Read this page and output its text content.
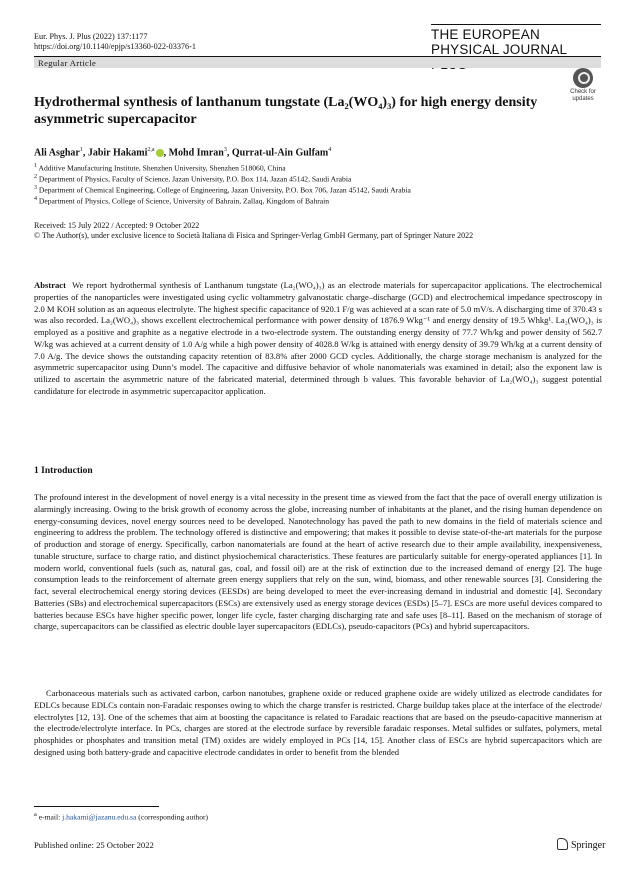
Eur. Phys. J. Plus (2022) 137:1177
https://doi.org/10.1140/epjp/s13360-022-03376-1
THE EUROPEAN
PHYSICAL JOURNAL
Regular Article
Check for
updates
Hydrothermal synthesis of lanthanum tungstate (La₂(WO₄)₃) for high energy density asymmetric supercapacitor
Ali Asghar$^1$, Jabir Hakami$^{2,a}$ , Mohd Imran$^3$, Qurrat-ul-Ain Gulfam$^4$
$^1$ Additive Manufacturing Institute, Shenzhen University, Shenzhen 518060, China
$^2$ Department of Physics, Faculty of Science, Jazan University, P.O. Box 114, Jazan 45142, Saudi Arabia
$^3$ Department of Chemical Engineering, College of Engineering, Jazan University, P.O. Box 706, Jazan 45142, Saudi Arabia
$^4$ Department of Physics, College of Science, University of Bahrain, Zallaq, Kingdom of Bahrain
Received: 15 July 2022 / Accepted: 9 October 2022
© The Author(s), under exclusive licence to Società Italiana di Fisica and Springer-Verlag GmbH Germany, part of Springer Nature 2022
Abstract We report hydrothermal synthesis of Lanthanum tungstate (La₂(WO₄)₃) as an electrode materials for supercapacitor applications. The electrochemical properties of the nanoparticles were investigated using cyclic voltammetry galvanostatic charge–discharge (GCD) and electrochemical impedance spectroscopy in 2.0 M KOH solution as an aqueous electrolyte. The highest specific capacitance of 920.1 F/g was achieved at a scan rate of 5.0 mV/s. A discharging time of 370.43 s was also recorded. La₂(WO₄)₃ shows excellent electrochemical performance with power density of 1876.9 Wkg⁻¹ and energy density of 19.5 Whkg¹. La₂(WO₄)₃ is employed as a positive and graphite as a negative electrode in a two-electrode system. The outstanding energy density of 77.7 Wh/kg and power density of 562.7 W/kg was achieved at a current density of 1.0 A/g while a high power density of 4028.8 W/kg is attained with energy density of 39.79 Wh/kg at a current density of 7.0 A/g. The device shows the outstanding capacity retention of 83.8% after 2000 GCD cycles. Additionally, the charge storage mechanism is analyzed for the asymmetric supercapacitor using Dunn’s model. The capacitive and diffusive behavior of whole nanomaterials was examined in detail; also the exponent law is utilized to ascertain the asymmetric nature of the fabricated material, determined through b values. This favorable behavior of La₂(WO₄)₃ suggest potential candidature for electrode in asymmetric supercapacitor application.
1 Introduction
The profound interest in the development of novel energy is a vital necessity in the present time as viewed from the fact that the pace of overall energy utilization is alarmingly increasing. Owing to the brisk growth of economy across the globe, increasing number of inhabitants at the planet, and the rising human dependence on energy-consuming devices, novel energy sources need to be developed. Nanotechnology has paved the path to new domains in the field of materials science and engineering to address the problem. The technology offered is distinctive and empowering; that makes it possible to devise state-of-the-art materials for the purpose of production and storage of energy. Specifically, carbon nanomaterials are found at the heart of active research due to their ample availability, inexpensiveness, tunable structure, surface to charge ratio, and distinct physiochemical characteristics. These features are particularly suitable for energy-operated appliances [1]. In modern world, conventional fuels (such as, natural gas, coal, and fossil oil) are at the risk of extinction due to the increased demand of energy [2]. The huge consumption leads to the reinforcement of alternate green energy suppliers that rely on the sun, wind, biomass, and other renewable sources [3]. Considering the fact, several electrochemical energy storing devices (EESDs) are being developed to meet the ever-increasing demand in industrial and domestic [4]. Secondary Batteries (SBs) and electrochemical supercapacitors (ESCs) are extensively used as energy storage devices (ESDs) [5–7]. ESCs are more useful devices compared to batteries because ESCs have higher specific power, longer life cycle, faster charging discharging rate and safe uses [8–11]. Based on the mechanism of storage of charge, supercapacitors can be classified as electric double layer supercapacitors (EDLCs), pseudo-capacitors (PCs) and hybrid supercapacitors.
Carbonaceous materials such as activated carbon, carbon nanotubes, graphene oxide or reduced graphene oxide are widely utilized as electrode candidates for EDLCs because EDLCs contain non-Faradaic responses owing to which the charge transfer is restricted. Charge buildup takes place at the interface of the electrode/ electrolytes [12, 13]. One of the schemes that aim at boosting the capacitance is related to Faradaic reactions that are based on the pseudo-capacitive mannerism at the electrode/electrolyte interface. In PCs, charges are stored at the electrode surface by reversible faradaic responses. Metal sulfides or sulfates, polymers, metal phosphides or phosphates and transition metal (TM) oxides are widely employed in PCs [14, 15]. Another class of ESCs are hybrid supercapacitors which are designed using both battery-grade and capacitive electrode candidates in order to benefit from the blended
$^a$ e-mail: j.hakami@jazanu.edu.sa (corresponding author)
Published online: 25 October 2022	Springer
